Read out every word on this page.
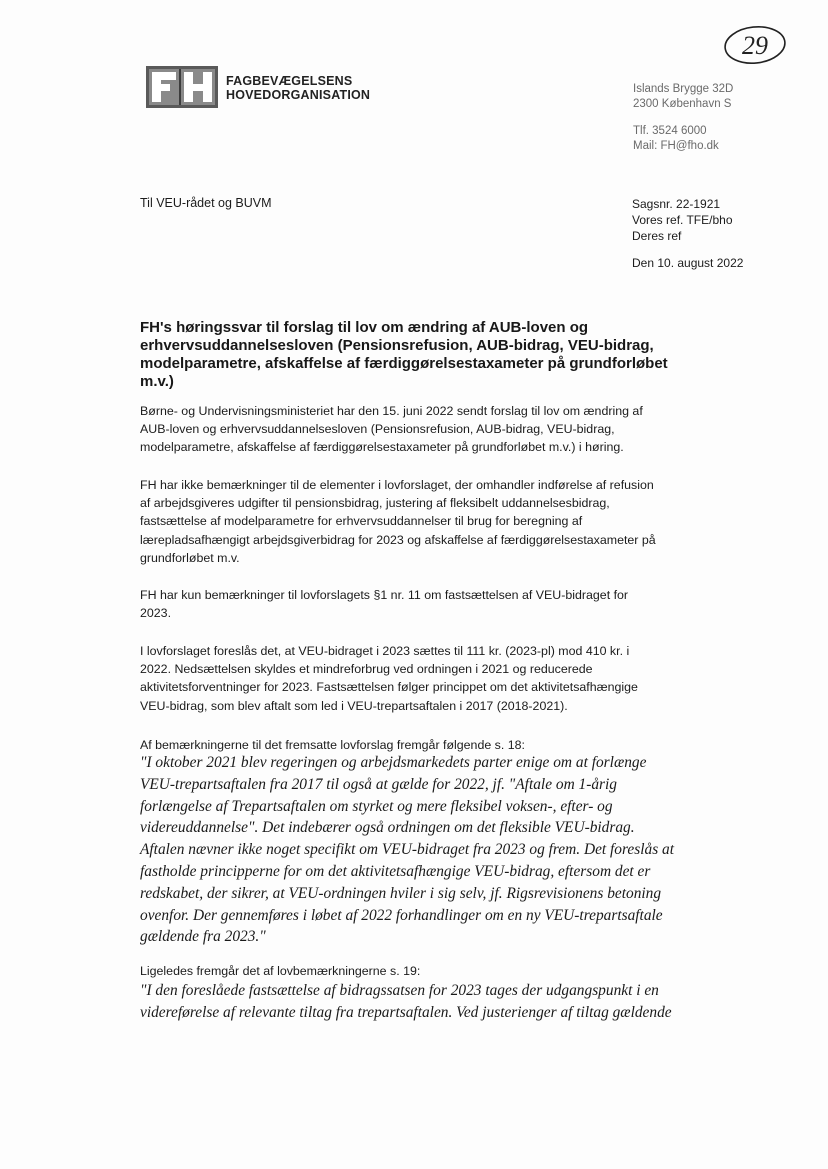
29
FAGBEVÆGELSENS
HOVEDORGANISATION	Islands Brygge 32D
2300 København S
Tlf. 3524 6000
Mail: FH@fho.dk
Til VEU-rådet og BUVM	Sagsnr. 22-1921
Vores ref. TFE/bho
Deres ref
Den 10. august 2022
FH's høringssvar til forslag til lov om ændring af AUB-loven og
erhvervsuddannelsesloven (Pensionsrefusion, AUB-bidrag, VEU-bidrag,
modelparametre, afskaffelse af færdiggørelsestaxameter på grundforløbet
m.v.)
Børne- og Undervisningsministeriet har den 15. juni 2022 sendt forslag til lov om ændring af
AUB-loven og erhvervsuddannelsesloven (Pensionsrefusion, AUB-bidrag, VEU-bidrag,
modelparametre, afskaffelse af færdiggørelsestaxameter på grundforløbet m.v.) i høring.
FH har ikke bemærkninger til de elementer i lovforslaget, der omhandler indførelse af refusion
af arbejdsgiveres udgifter til pensionsbidrag, justering af fleksibelt uddannelsesbidrag,
fastsættelse af modelparametre for erhvervsuddannelser til brug for beregning af
lærepladsafhængigt arbejdsgiverbidrag for 2023 og afskaffelse af færdiggørelsestaxameter på
grundforløbet m.v.
FH har kun bemærkninger til lovforslagets §1 nr. 11 om fastsættelsen af VEU-bidraget for
2023.
I lovforslaget foreslås det, at VEU-bidraget i 2023 sættes til 111 kr. (2023-pl) mod 410 kr. i
2022. Nedsættelsen skyldes et mindreforbrug ved ordningen i 2021 og reducerede
aktivitetsforventninger for 2023. Fastsættelsen følger princippet om det aktivitetsafhængige
VEU-bidrag, som blev aftalt som led i VEU-trepartsaftalen i 2017 (2018-2021).
Af bemærkningerne til det fremsatte lovforslag fremgår følgende s. 18:
"I oktober 2021 blev regeringen og arbejdsmarkedets parter enige om at forlænge
VEU-trepartsaftalen fra 2017 til også at gælde for 2022, jf. "Aftale om 1-årig
forlængelse af Trepartsaftalen om styrket og mere fleksibel voksen-, efter- og
videreuddannelse". Det indebærer også ordningen om det fleksible VEU-bidrag.
Aftalen nævner ikke noget specifikt om VEU-bidraget fra 2023 og frem. Det foreslås at
fastholde principperne for om det aktivitetsafhængige VEU-bidrag, eftersom det er
redskabet, der sikrer, at VEU-ordningen hviler i sig selv, jf. Rigsrevisionens betoning
ovenfor. Der gennemføres i løbet af 2022 forhandlinger om en ny VEU-trepartsaftale
gældende fra 2023."
Ligeledes fremgår det af lovbemærkningerne s. 19:
"I den foreslåede fastsættelse af bidragssatsen for 2023 tages der udgangspunkt i en
videreførelse af relevante tiltag fra trepartsaftalen. Ved justerienger af tiltag gældende
